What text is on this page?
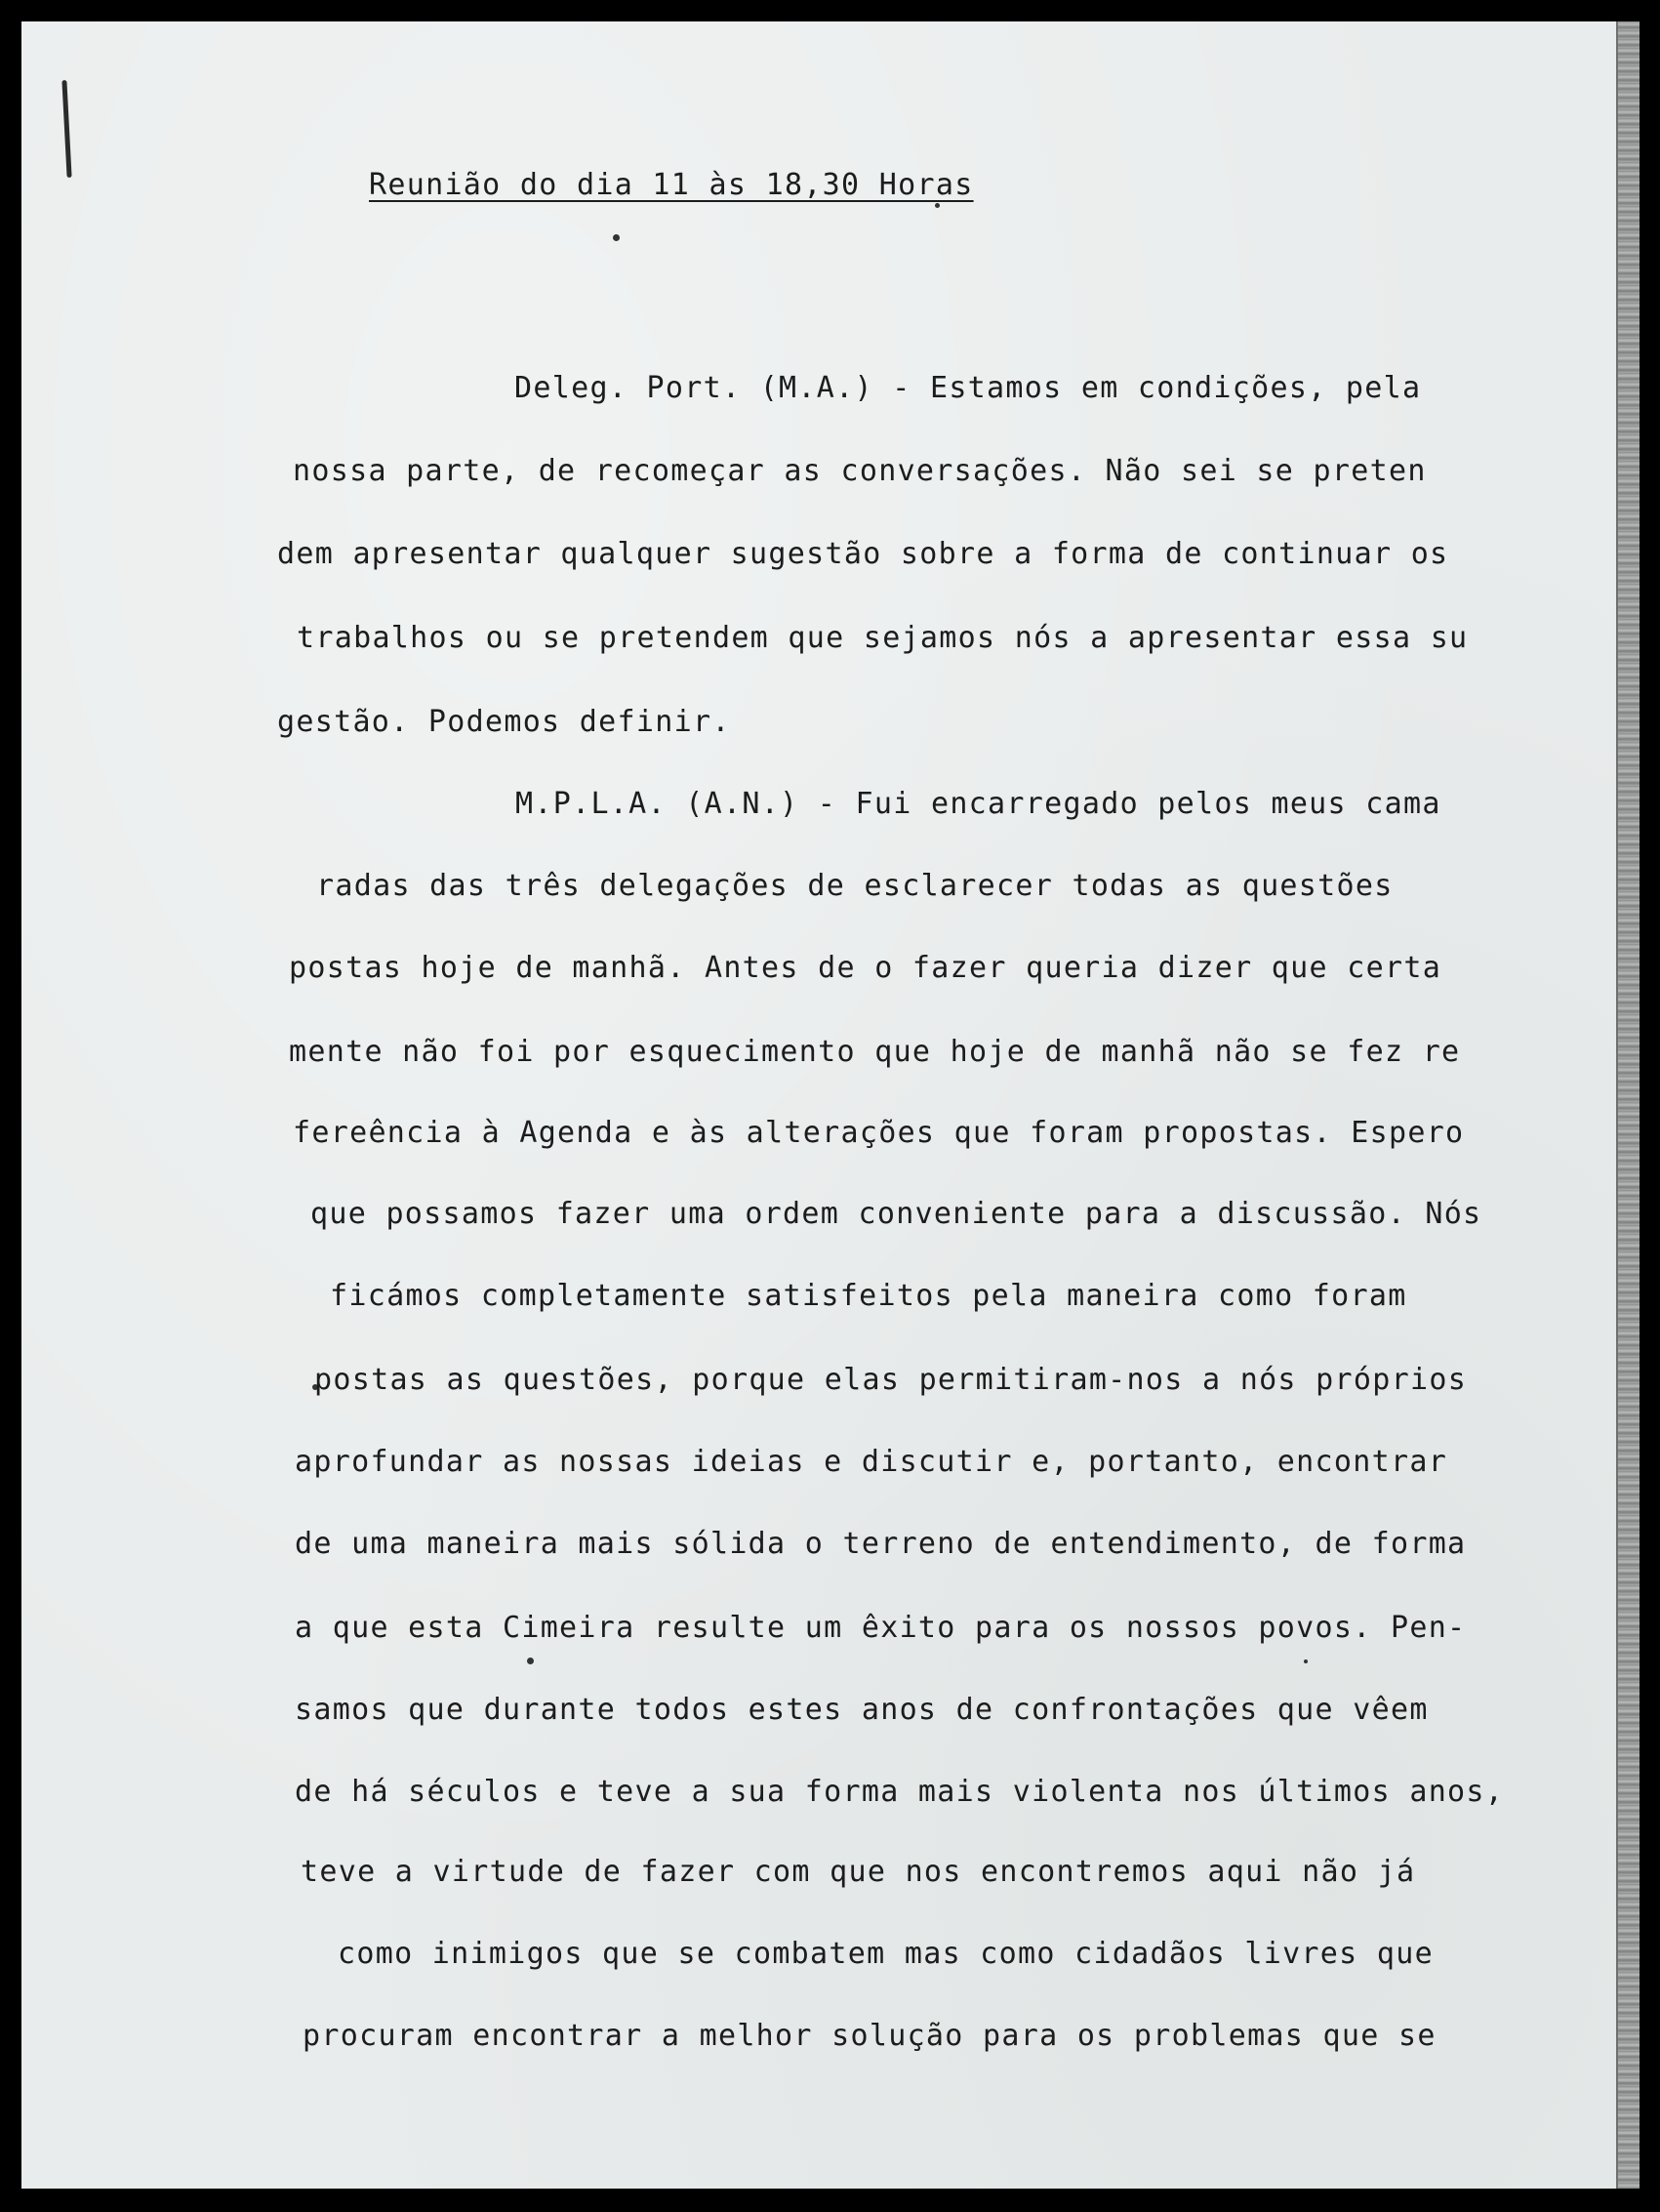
Reunião do dia 11 às 18,30 Horas

Deleg. Port. (M.A.) - Estamos em condições, pela

nossa parte, de recomeçar as conversações. Não sei se preten

dem apresentar qualquer sugestão sobre a forma de continuar os

trabalhos ou se pretendem que sejamos nós a apresentar essa su

gestão. Podemos definir.

M.P.L.A. (A.N.) - Fui encarregado pelos meus cama

radas das três delegações de esclarecer todas as questões

postas hoje de manhã. Antes de o fazer queria dizer que certa

mente não foi por esquecimento que hoje de manhã não se fez re

fereência à Agenda e às alterações que foram propostas. Espero

que possamos fazer uma ordem conveniente para a discussão. Nós

ficámos completamente satisfeitos pela maneira como foram

postas as questões, porque elas permitiram-nos a nós próprios

aprofundar as nossas ideias e discutir e, portanto, encontrar

de uma maneira mais sólida o terreno de entendimento, de forma

a que esta Cimeira resulte um êxito para os nossos povos. Pen-

samos que durante todos estes anos de confrontações que vêem

de há séculos e teve a sua forma mais violenta nos últimos anos,

teve a virtude de fazer com que nos encontremos aqui não já

como inimigos que se combatem mas como cidadãos livres que

procuram encontrar a melhor solução para os problemas que se
